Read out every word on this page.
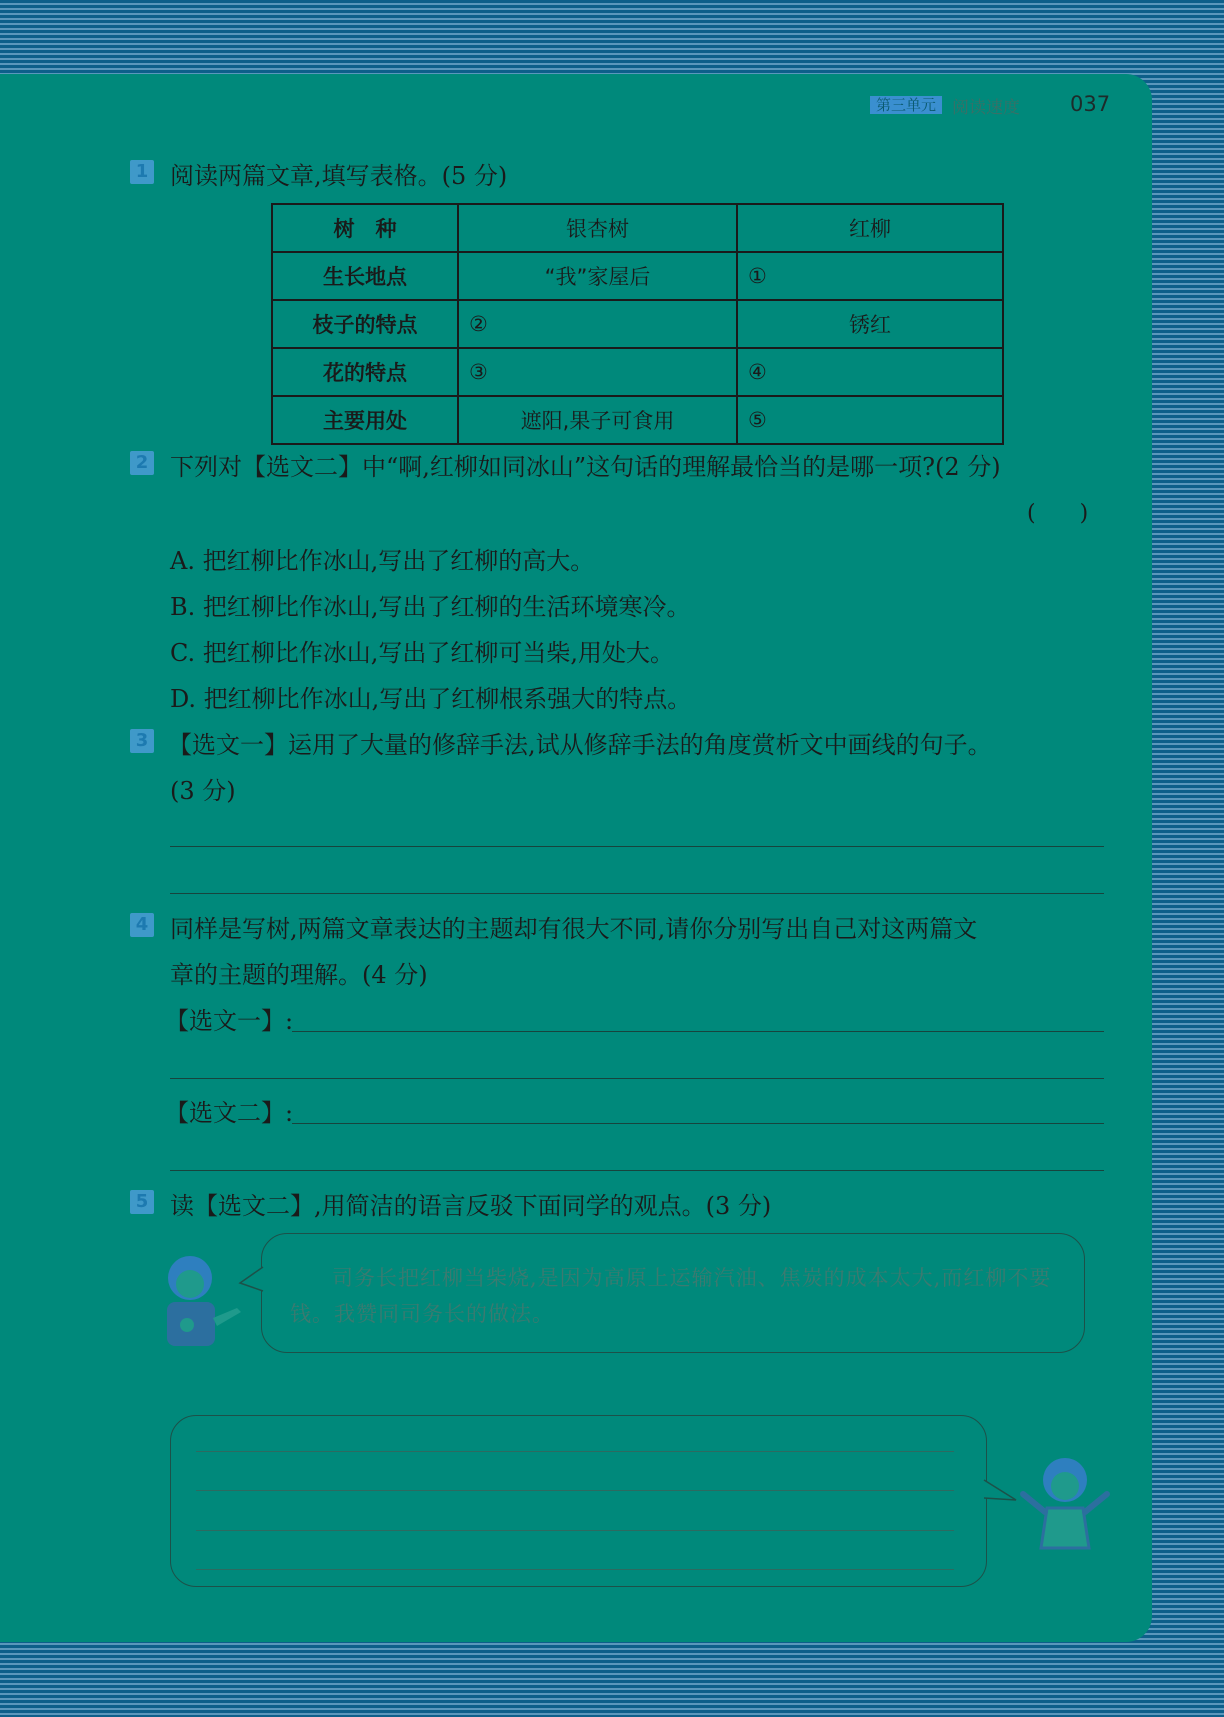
第三单元 阅读速度 037
1 阅读两篇文章,填写表格。(5 分)
树　种	银杏树	红柳
生长地点	“我”家屋后	①
枝子的特点	②	锈红
花的特点	③	④
主要用处	遮阳,果子可食用	⑤
2 下列对【选文二】中“啊,红柳如同冰山”这句话的理解最恰当的是哪一项?(2 分)
(　　)
A. 把红柳比作冰山,写出了红柳的高大。
B. 把红柳比作冰山,写出了红柳的生活环境寒冷。
C. 把红柳比作冰山,写出了红柳可当柴,用处大。
D. 把红柳比作冰山,写出了红柳根系强大的特点。
3 【选文一】运用了大量的修辞手法,试从修辞手法的角度赏析文中画线的句子。
(3 分)
4 同样是写树,两篇文章表达的主题却有很大不同,请你分别写出自己对这两篇文
章的主题的理解。(4 分)
【选文一】:
【选文二】:
5 读【选文二】,用简洁的语言反驳下面同学的观点。(3 分)
司务长把红柳当柴烧,是因为高原上运输汽油、焦炭的成本太大,而红柳不要钱。我赞同司务长的做法。
